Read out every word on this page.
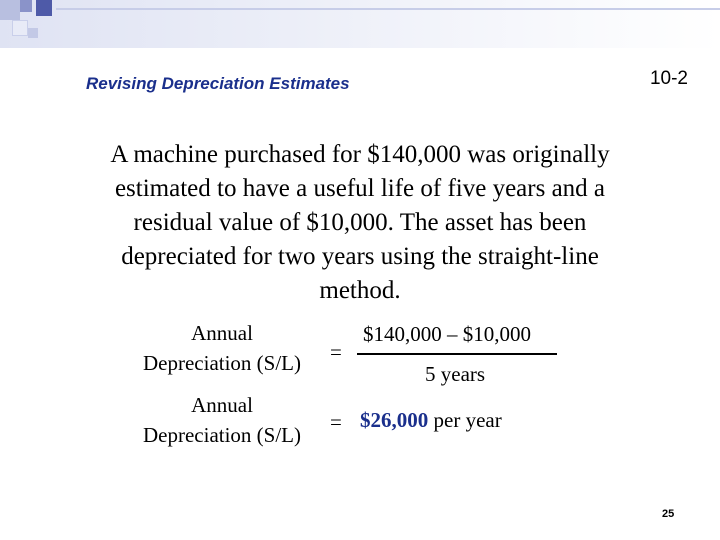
Revising Depreciation Estimates	10-2

A machine purchased for $140,000 was originally estimated to have a useful life of five years and a residual value of $10,000. The asset has been depreciated for two years using the straight-line method.

Annual
Depreciation (S/L)	=
$140,000 – $10,000
5 years
Annual
Depreciation (S/L)
= $26,000 per year
25
